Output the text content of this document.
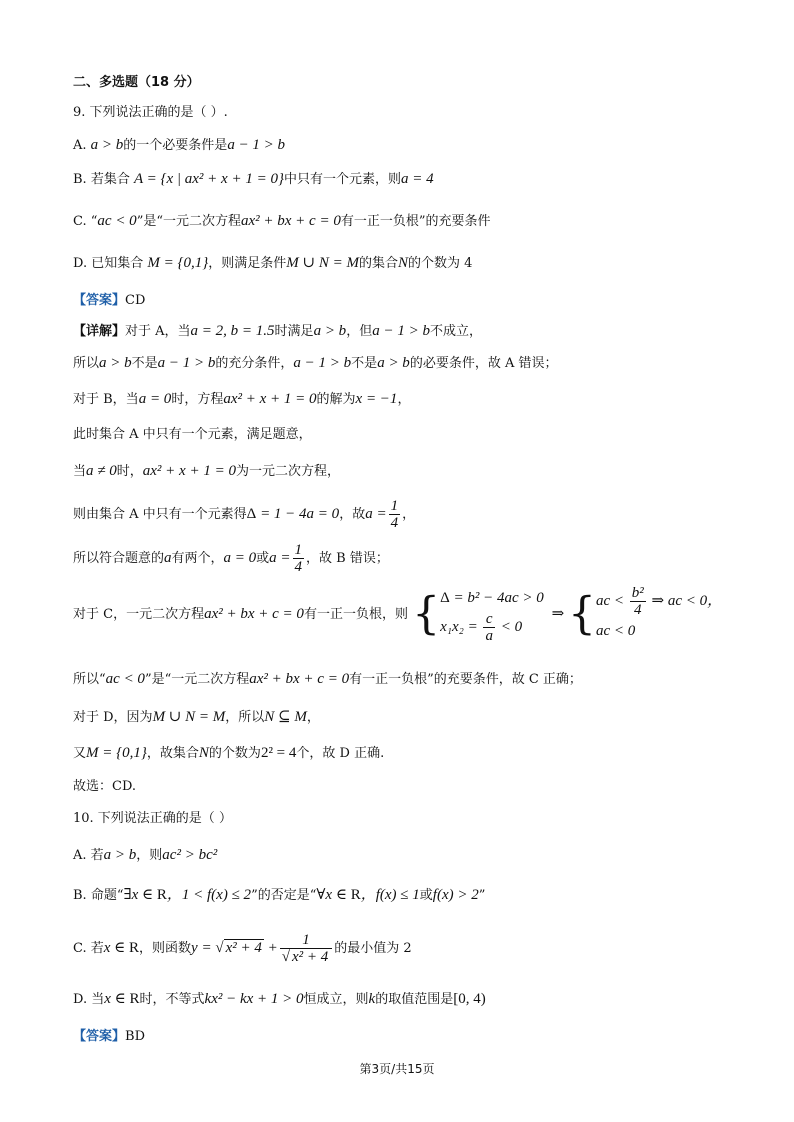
二、多选题（18 分）
9. 下列说法正确的是（ ）.
A. a > b的一个必要条件是a − 1 > b
B. 若集合 A = {x | ax² + x + 1 = 0}中只有一个元素，则a = 4
C. “ac < 0”是“一元二次方程ax² + bx + c = 0有一正一负根”的充要条件
D. 已知集合 M = {0,1}，则满足条件M ∪ N = M的集合N的个数为 4
【答案】CD
【详解】对于 A，当a = 2, b = 1.5时满足a > b，但a − 1 > b不成立，
所以a > b不是a − 1 > b的充分条件，a − 1 > b不是a > b的必要条件，故 A 错误；
对于 B，当a = 0时，方程ax² + x + 1 = 0的解为x = −1，
此时集合 A 中只有一个元素，满足题意，
当a ≠ 0时，ax² + x + 1 = 0为一元二次方程，
则由集合 A 中只有一个元素得Δ = 1 − 4a = 0，故$a = \frac{1}{4}$ ，
所以符合题意的a有两个，a = 0或$a = \frac{1}{4}$ ，故 B 错误；
对于 C，一元二次方程ax² + bx + c = 0有一正一负根，则 { Δ = b² − 4ac > 0
$x_1x_2 = \frac{c}{a} < 0$
⇒ { ac < $\frac{\text{b²}}{4}$ ⇒ ac < 0，
ac < 0
所以“ac < 0”是“一元二次方程ax² + bx + c = 0有一正一负根”的充要条件，故 C 正确；
对于 D，因为M ∪ N = M，所以N ⊆ M，
又M = {0,1}，故集合N的个数为2² = 4个，故 D 正确.
故选：CD.
10. 下列说法正确的是（ ）
A. 若a > b，则ac² > bc²
B. 命题“∃x ∈ R，1 < f(x) ≤ 2”的否定是“∀x ∈ R，f(x) ≤ 1或f(x) > 2”
C. 若x ∈ R，则函数y = √ $x^2 + 4 + \frac{1}{\text{√ x² + 4}}$ 的最小值为 2
D. 当x ∈ R时，不等式kx² − kx + 1 > 0恒成立，则k的取值范围是[0, 4)
【答案】BD
第3页/共15页
